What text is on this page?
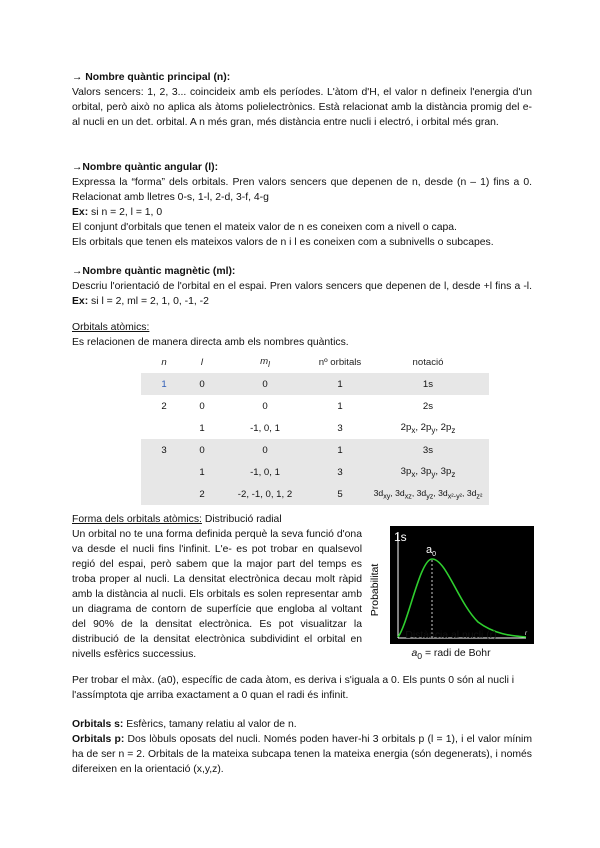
→ Nombre quàntic principal (n):
Valors sencers: 1, 2, 3... coincideix amb els períodes. L'àtom d'H, el valor n defineix l'energia d'un orbital, però això no aplica als àtoms polielectrònics. Està relacionat amb la distància promig del e- al nucli en un det. orbital. A n més gran, més distància entre nucli i electró, i orbital més gran.
→Nombre quàntic angular (l):
Expressa la “forma” dels orbitals. Pren valors sencers que depenen de n, desde (n – 1) fins a 0. Relacionat amb lletres 0-s, 1-l, 2-d, 3-f, 4-g
Ex: si n = 2, l = 1, 0
El conjunt d'orbitals que tenen el mateix valor de n es coneixen com a nivell o capa.
Els orbitals que tenen els mateixos valors de n i l es coneixen com a subnivells o subcapes.
→Nombre quàntic magnètic (ml):
Descriu l'orientació de l'orbital en el espai. Pren valors sencers que depenen de l, desde +l fins a -l. Ex: si l = 2, ml = 2, 1, 0, -1, -2
Orbitals atòmics:
Es relacionen de manera directa amb els nombres quàntics.
n	l	$m_l$	nº orbitals	notació
1	0	0	1	1s
2	0	0	1	2s
	1	-1, 0, 1	3	$2p_x$, $2p_y$, $2p_z$
3	0	0	1	3s
	1	-1, 0, 1	3	$3p_x$, $3p_y$, $3p_z$
	2	-2, -1, 0, 1, 2	5	$3d_{xy}$, $3d_{xz}$, $3d_{yz}$, $3d_{x^2-y^2}$, $3d_{z^2}$
Forma dels orbitals atòmics: Distribució radial
Un orbital no te una forma definida perquè la seva funció d'ona va desde el nucli fins l'infinit. L'e- es pot trobar en qualsevol regió del espai, però sabem que la major part del temps es troba proper al nucli. La densitat electrònica decau molt ràpid amb la distància al nucli. Els orbitals es solen representar amb un diagrama de contorn de superfície que engloba al voltant del 90% de la densitat electrònica. Es pot visualitzar la distribució de la densitat electrònica subdividint el orbital en nivells esfèrics successius.
Per trobar el màx. (a0), específic de cada àtom, es deriva i s'iguala a 0. Els punts 0 són al nucli i l'assímptota qje arriba exactament a 0 quan el radi és infinit.
Probabilitat
1s
$a_0$
r
Distància al nucli (r)
$a_0$ = radi de Bohr
Orbitals s: Esfèrics, tamany relatiu al valor de n.
Orbitals p: Dos lòbuls oposats del nucli. Només poden haver-hi 3 orbitals p (l = 1), i el valor mínim ha de ser n = 2. Orbitals de la mateixa subcapa tenen la mateixa energia (són degenerats), i només difereixen en la orientació (x,y,z).
